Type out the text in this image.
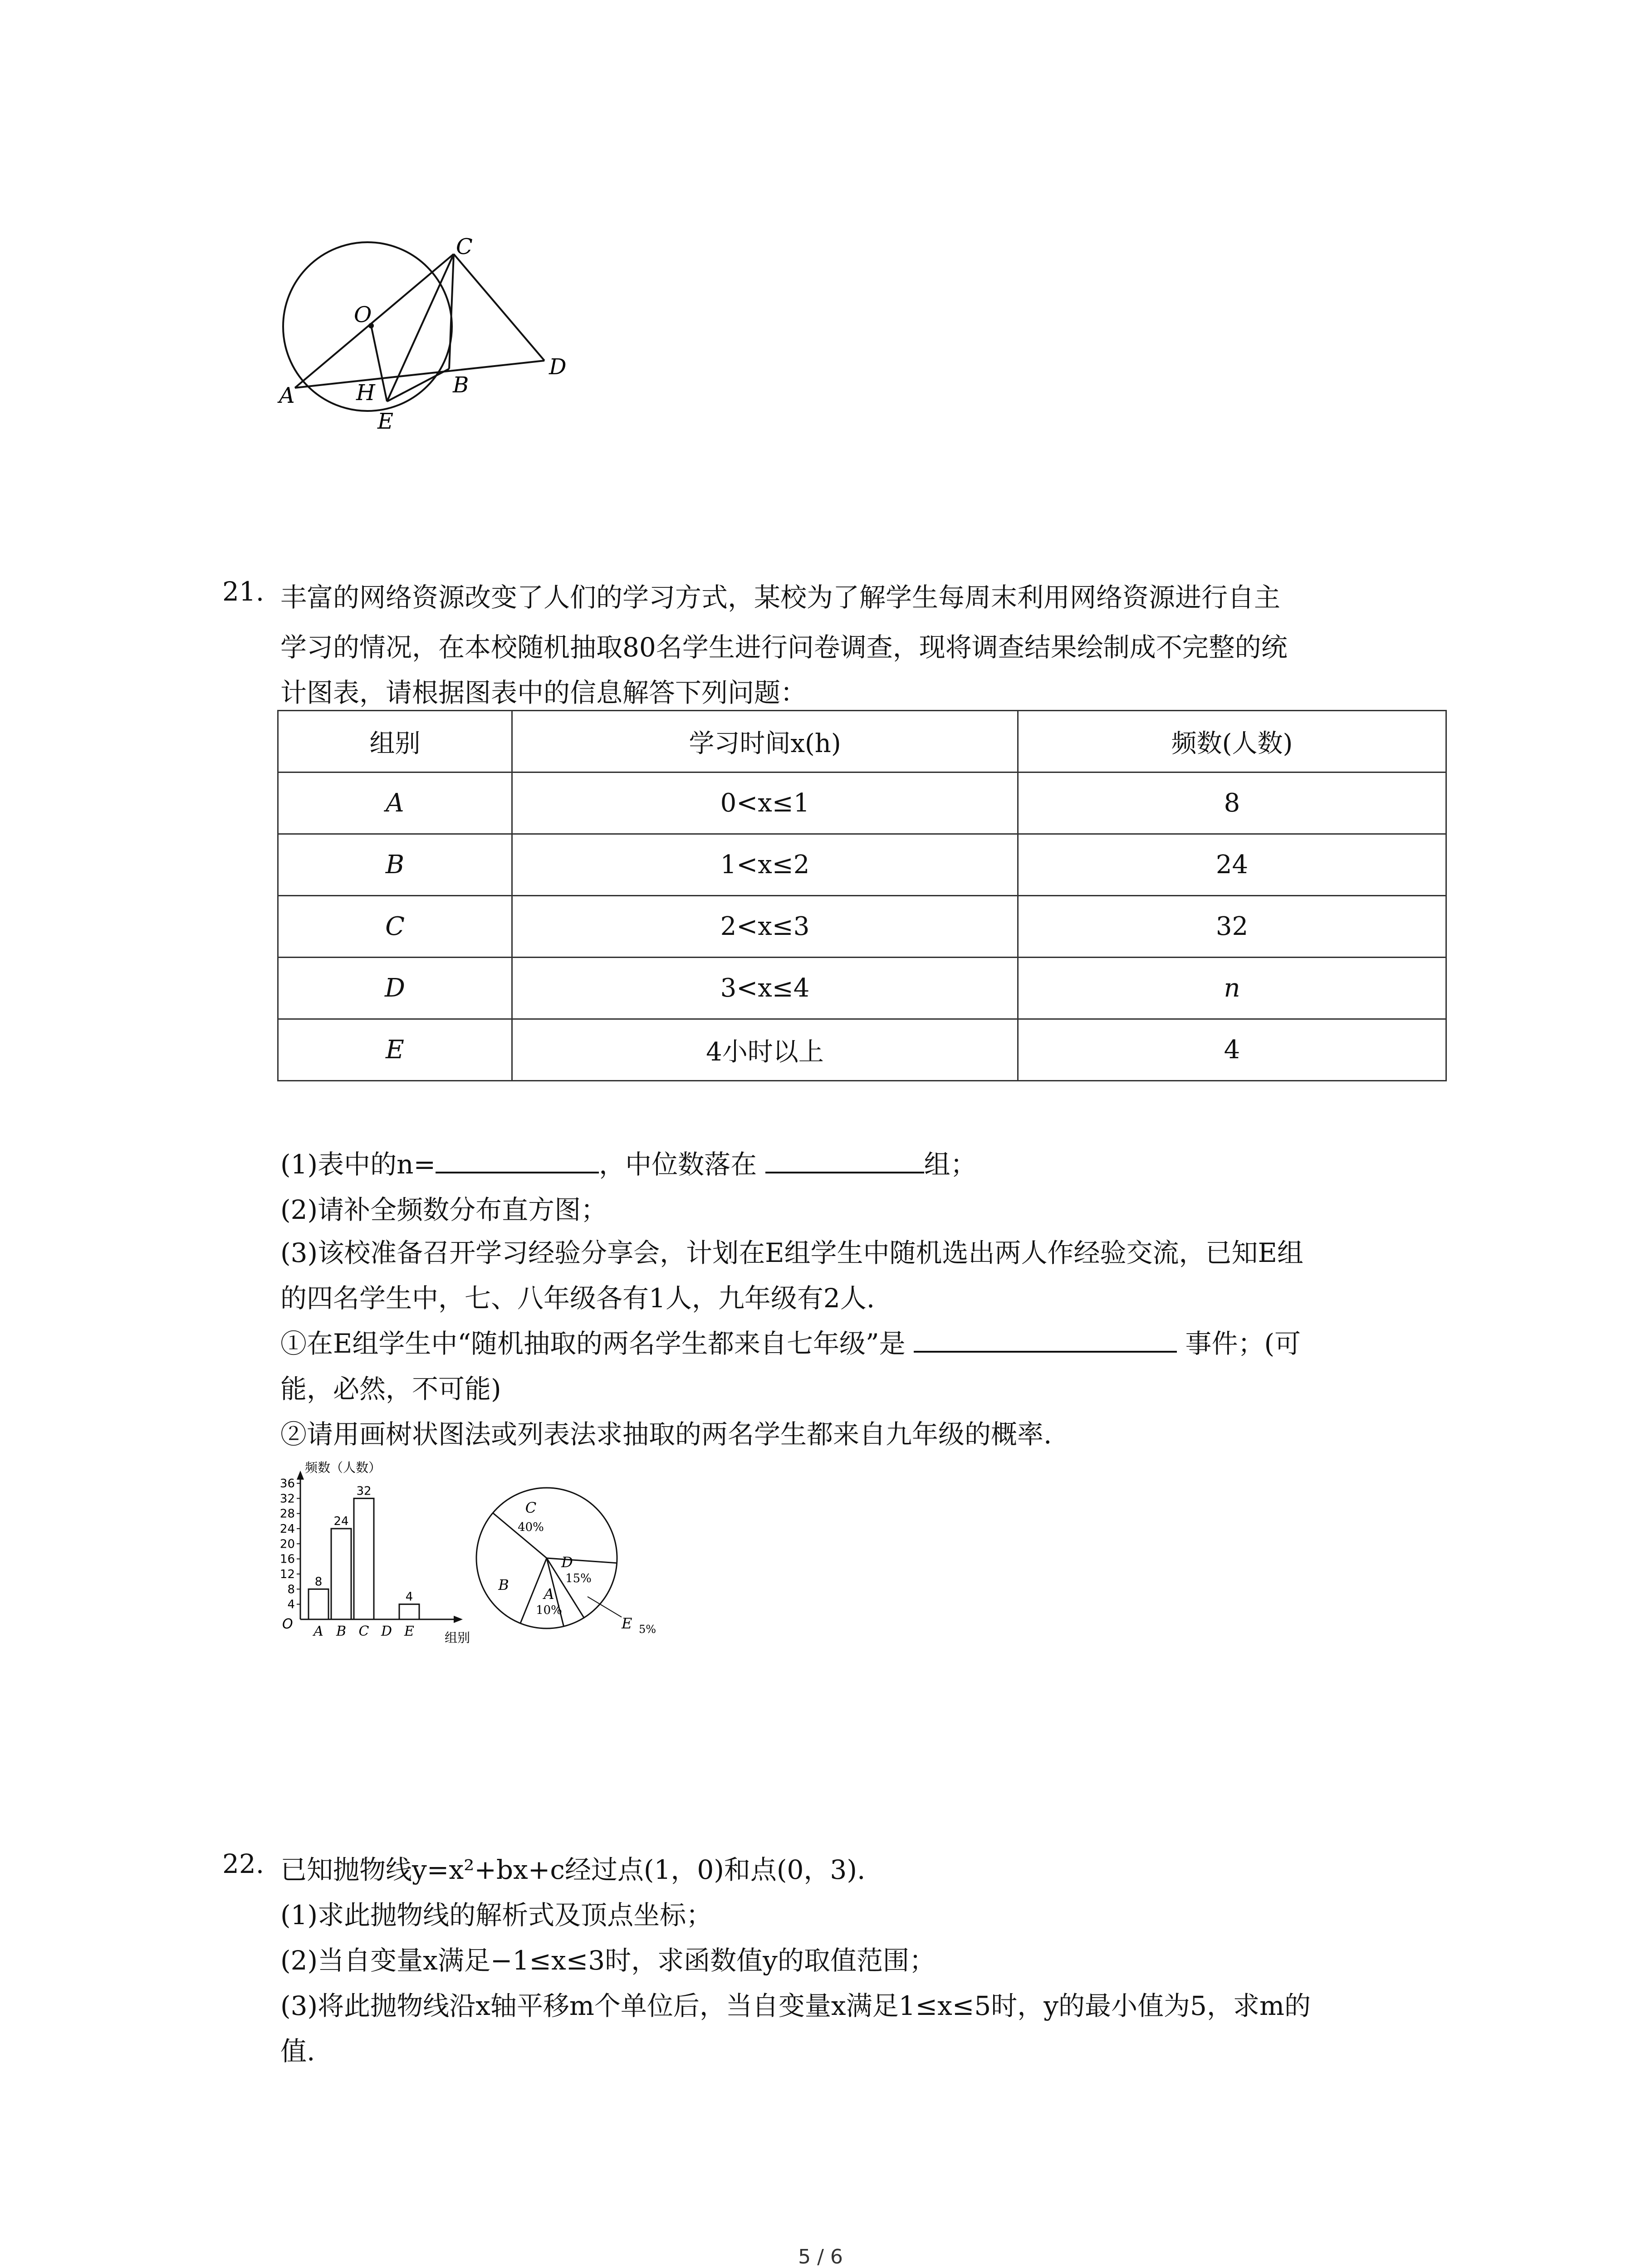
C
O
D
A	H	B
E
21. 丰富的网络资源改变了人们的学习方式，某校为了解学生每周末利用网络资源进行自主
学习的情况，在本校随机抽取80名学生进行问卷调查，现将调查结果绘制成不完整的统
计图表，请根据图表中的信息解答下列问题：
组别	学习时间x(h)	频数(人数)
A	0<x≤1	8
B	1<x≤2	24
C	2<x≤3	32
D	3<x≤4	n
E	4小时以上	4
(1)表中的n=	，中位数落在	组；
(2)请补全频数分布直方图；
(3)该校准备召开学习经验分享会，计划在E组学生中随机选出两人作经验交流，已知E组
的四名学生中，七、八年级各有1人，九年级有2人.
①在E组学生中“随机抽取的两名学生都来自七年级”是	事件；(可
能，必然，不可能)
②请用画树状图法或列表法求抽取的两名学生都来自九年级的概率.
频数（人数）
组别
O
36
32
28
24
20
16
12
8
4
A B C D E
8
24
32
4
C
40%
D
15%
E 5%
A
10%
B
22. 已知抛物线y=x²+bx+c经过点(1，0)和点(0，3).
(1)求此抛物线的解析式及顶点坐标；
(2)当自变量x满足−1≤x≤3时，求函数值y的取值范围；
(3)将此抛物线沿x轴平移m个单位后，当自变量x满足1≤x≤5时，y的最小值为5，求m的
值.
5 / 6
